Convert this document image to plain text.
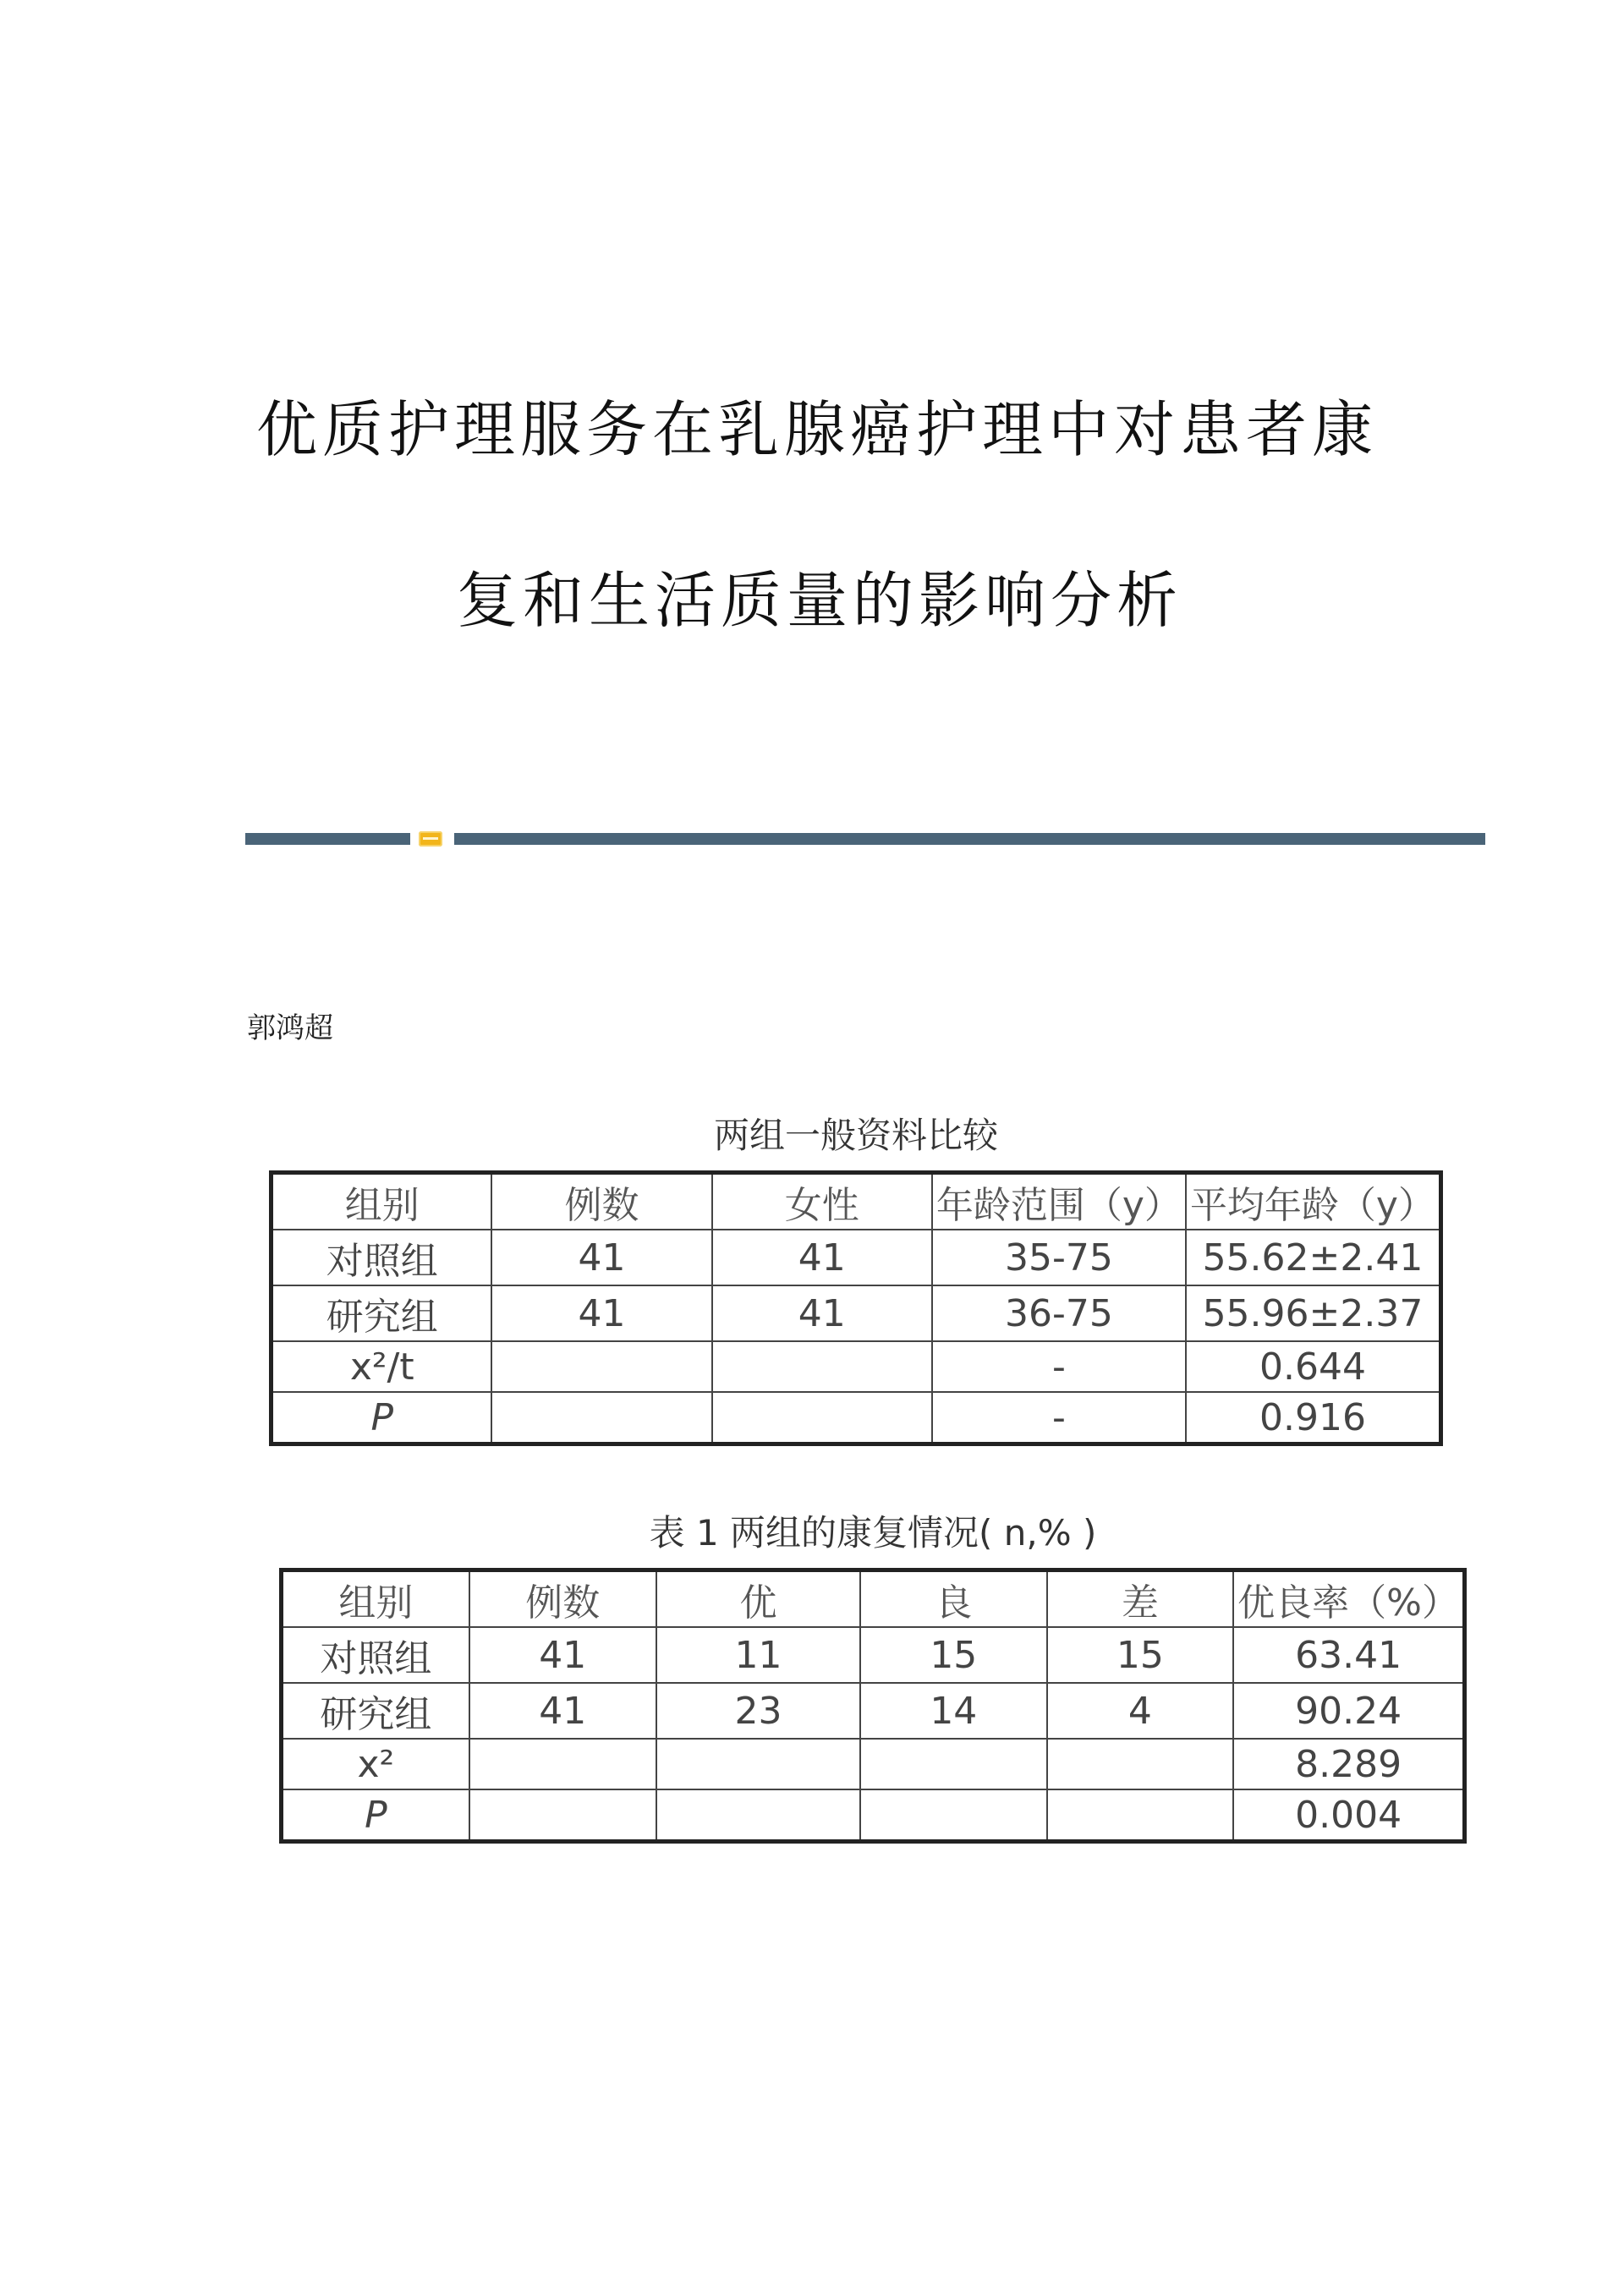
优质护理服务在乳腺癌护理中对患者康
复和生活质量的影响分析
郭鸿超
两组一般资料比较
组别	例数	女性	年龄范围（y）	平均年龄（y）
对照组	41	41	35-75	55.62±2.41
研究组	41	41	36-75	55.96±2.37
x²/t			-	0.644
P			-	0.916
表 1 两组的康复情况( n,% )
组别	例数	优	良	差	优良率（%）
对照组	41	11	15	15	63.41
研究组	41	23	14	4	90.24
x²					8.289
P					0.004
